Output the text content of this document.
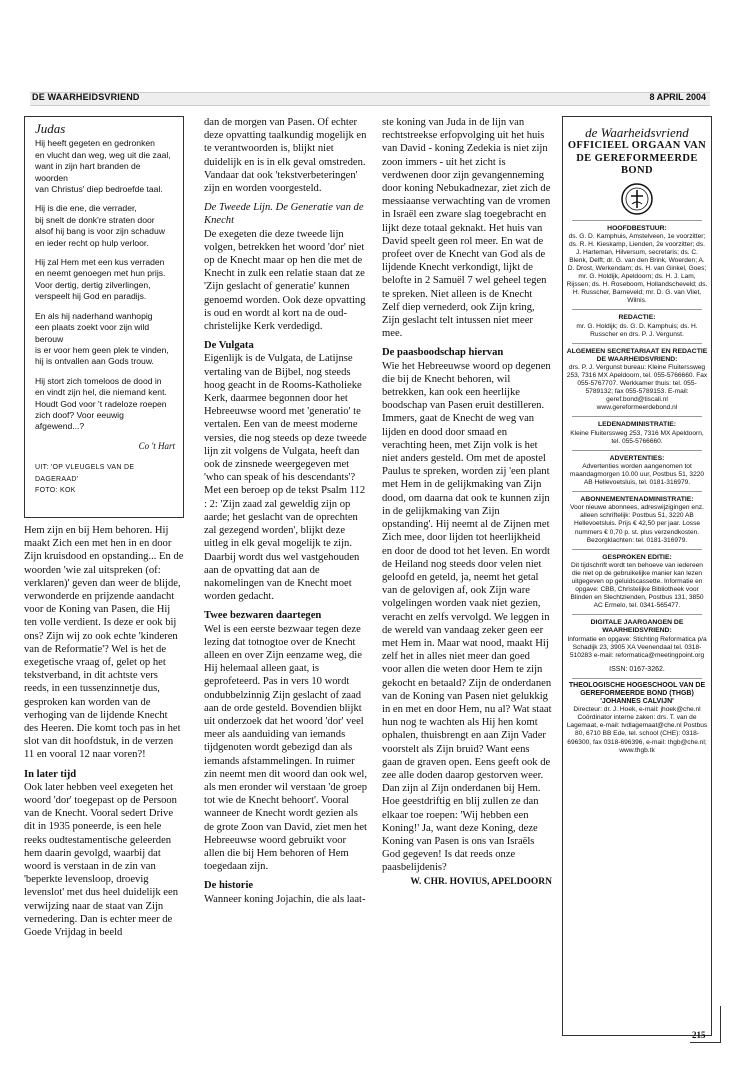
DE WAARHEIDSVRIEND	8 APRIL 2004
Judas
Hij heeft gegeten en gedronken
en vlucht dan weg, weg uit die zaal,
want in zijn hart branden de woorden
van Christus' diep bedroefde taal.
Hij is die ene, die verrader,
bij snelt de donk're straten door
alsof hij bang is voor zijn schaduw
en ieder recht op hulp verloor.
Hij zal Hem met een kus verraden
en neemt genoegen met hun prijs.
Voor dertig, dertig zilverlingen,
verspeelt hij God en paradijs.
En als hij naderhand wanhopig
een plaats zoekt voor zijn wild berouw
is er voor hem geen plek te vinden,
hij is ontvallen aan Gods trouw.
Hij stort zich tomeloos de dood in
en vindt zijn hel, die niemand kent.
Houdt God voor 't radeloze roepen
zich doof? Voor eeuwig afgewend...?
Co 't Hart
UIT: 'OP VLEUGELS VAN DE DAGERAAD'
FOTO: KOK

Hem zijn en bij Hem behoren. Hij maakt Zich een met hen in en door Zijn kruisdood en opstanding... En de woorden 'wie zal uitspreken (of: verklaren)' geven dan weer de blijde, verwonderde en prijzende aandacht voor de Koning van Pasen, die Hij ten volle verdient. Is deze er ook bij ons? Zijn wij zo ook echte 'kinderen van de Reformatie'? Wel is het de exegetische vraag of, gelet op het tekstverband, in dit achtste vers reeds, in een tussenzinnetje dus, gesproken kan worden van de verhoging van de lijdende Knecht des Heeren. Die komt toch pas in het slot van dit hoofdstuk, in de verzen 11 en vooral 12 naar voren?!

In later tijd

Ook later hebben veel exegeten het woord 'dor' toegepast op de Persoon van de Knecht. Vooral sedert Drive dit in 1935 poneerde, is een hele reeks oudtestamentische geleerden hem daarin gevolgd, waarbij dat woord is verstaan in de zin van 'beperkte levensloop, droevig levenslot' met dus heel duidelijk een verwijzing naar de staat van Zijn vernedering. Dan is echter meer de Goede Vrijdag in beeld

dan de morgen van Pasen. Of echter deze opvatting taalkundig mogelijk en te verantwoorden is, blijkt niet duidelijk en is in elk geval omstreden. Vandaar dat ook 'tekstverbeteringen' zijn en worden voorgesteld.

De Tweede Lijn. De Generatie van de Knecht

De exegeten die deze tweede lijn volgen, betrekken het woord 'dor' niet op de Knecht maar op hen die met de Knecht in zulk een relatie staan dat ze 'Zijn geslacht of generatie' kunnen genoemd worden. Ook deze opvatting is oud en wordt al kort na de oud-christelijke Kerk verdedigd.

De Vulgata

Eigenlijk is de Vulgata, de Latijnse vertaling van de Bijbel, nog steeds hoog geacht in de Rooms-Katholieke Kerk, daarmee begonnen door het Hebreeuwse woord met 'generatio' te vertalen. Een van de meest moderne versies, die nog steeds op deze tweede lijn zit volgens de Vulgata, heeft dan ook de zinsnede weergegeven met 'who can speak of his descendants'? Met een beroep op de tekst Psalm 112 : 2: 'Zijn zaad zal geweldig zijn op aarde; het geslacht van de oprechten zal gezegend worden', blijkt deze uitleg in elk geval mogelijk te zijn. Daarbij wordt dus wel vastgehouden aan de opvatting dat aan de nakomelingen van de Knecht moet worden gedacht.

Twee bezwaren daartegen

Wel is een eerste bezwaar tegen deze lezing dat totnogtoe over de Knecht alleen en over Zijn eenzame weg, die Hij helemaal alleen gaat, is geprofeteerd. Pas in vers 10 wordt ondubbelzinnig Zijn geslacht of zaad aan de orde gesteld. Bovendien blijkt uit onderzoek dat het woord 'dor' veel meer als aanduiding van iemands tijdgenoten wordt gebezigd dan als iemands afstammelingen. In ruimer zin neemt men dit woord dan ook wel, als men eronder wil verstaan 'de groep tot wie de Knecht behoort'. Vooral wanneer de Knecht wordt gezien als de grote Zoon van David, ziet men het Hebreeuwse woord gebruikt voor allen die bij Hem behoren of Hem toegedaan zijn.

De historie

Wanneer koning Jojachin, die als laat-

ste koning van Juda in de lijn van rechtstreekse erfopvolging uit het huis van David - koning Zedekia is niet zijn zoon immers - uit het zicht is verdwenen door zijn gevangenneming door koning Nebukadnezar, ziet zich de messiaanse verwachting van de vromen in Israël een zware slag toegebracht en lijkt deze totaal geknakt. Het huis van David speelt geen rol meer. En wat de profeet over de Knecht van God als de lijdende Knecht verkondigt, lijkt de belofte in 2 Samuël 7 wel geheel tegen te spreken. Niet alleen is de Knecht Zelf diep vernederd, ook Zijn kring, Zijn geslacht telt intussen niet meer mee.

De paasboodschap hiervan

Wie het Hebreeuwse woord op degenen die bij de Knecht behoren, wil betrekken, kan ook een heerlijke boodschap van Pasen eruit destilleren. Immers, gaat de Knecht de weg van lijden en dood door smaad en verachting heen, met Zijn volk is het niet anders gesteld. Om met de apostel Paulus te spreken, worden zij 'een plant met Hem in de gelijkmaking van Zijn dood, om daarna dat ook te kunnen zijn in de gelijkmaking van Zijn opstanding'. Hij neemt al de Zijnen met Zich mee, door lijden tot heerlijkheid en door de dood tot het leven. En wordt de Heiland nog steeds door velen niet geloofd en geteld, ja, neemt het getal van de gelovigen af, ook Zijn ware volgelingen worden vaak niet gezien, veracht en zelfs vervolgd. We leggen in de wereld van vandaag zeker geen eer met Hem in. Maar wat nood, maakt Hij zelf het in alles niet meer dan goed voor allen die weten door Hem te zijn gekocht en betaald? Zijn de onderdanen van de Koning van Pasen niet gelukkig in en met en door Hem, nu al? Wat staat hun nog te wachten als Hij hen komt ophalen, thuisbrengt en aan Zijn Vader voorstelt als Zijn bruid? Want eens gaan de graven open. Eens geeft ook de zee alle doden daarop gestorven weer. Dan zijn al Zijn onderdanen bij Hem. Hoe geestdriftig en blij zullen ze dan elkaar toe roepen: 'Wij hebben een Koning!' Ja, want deze Koning, deze Koning van Pasen is ons van Israëls God gegeven! Is dat reeds onze paasbelijdenis?

W. CHR. HOVIUS, APELDOORN
de Waarheidsvriend
OFFICIEEL ORGAAN VAN DE GEREFORMEERDE BOND
HOOFDBESTUUR:
ds. G. D. Kamphuis, Amstelveen, 1e voorzitter; ds. R. H. Kieskamp, Lienden, 2e voorzitter; ds. J. Harteman, Hilversum, secretaris; ds. C. Blenk, Delft; dr. G. van den Brink, Woerden; A. D. Drost, Werkendam; ds. H. van Ginkel, Goes; mr. G. Holdijk, Apeldoorn; ds. H. J. Lam, Rijssen; ds. H. Roseboom, Hollandscheveld; ds. H. Russcher, Barneveld; mr. D. G. van Vliet, Wilnis.
REDACTIE:
mr. G. Holdijk; ds. G. D. Kamphuis; ds. H. Russcher en drs. P. J. Vergunst.
ALGEMEEN SECRETARIAAT EN REDACTIE DE WAARHEIDSVRIEND:
drs. P. J. Vergunst bureau: Kleine Fluiterssweg 253, 7316 MX Apeldoorn, tel. 055-5766660. Fax 055-5767707. Werkkamer thuis: tel. 055-5789132; fax 055-5789153. E-mail: geref.bond@tiscali.nl www.gereformeerdebond.nl
LEDENADMINISTRATIE:
Kleine Fluiterssweg 253, 7316 MX Apeldoorn, tel. 055-5766660.
ADVERTENTIES:
Advertenties worden aangenomen tot maandagmorgen 10.00 uur, Postbus 51, 3220 AB Hellevoetsluis, tel. 0181-316979.
ABONNEMENTENADMINISTRATIE:
Voor nieuwe abonnees, adreswijzigingen enz. alleen schriftelijk: Postbus 51, 3220 AB Hellevoetsluis. Prijs € 42,50 per jaar. Losse nummers € 0,70 p. st. plus verzendkosten. Bezorgklachten: tel. 0181-316979.
GESPROKEN EDITIE:
Dit tijdschrift wordt ten behoeve van iedereen die niet op de gebruikelijke manier kan lezen uitgegeven op geluidscassette. Informatie en opgave: CBB, Christelijke Bibliotheek voor Blinden en Slechtzienden, Postbus 131, 3850 AC Ermelo, tel. 0341-565477.
DIGITALE JAARGANGEN DE WAARHEIDSVRIEND:
Informatie en opgave: Stichting Reformatica p/a Schadijk 23, 3905 XA Veenendaal tel. 0318-510283 e-mail: reformatica@meetingpoint.org
ISSN: 0167-3262.
THEOLOGISCHE HOGESCHOOL VAN DE GEREFORMEERDE BOND (THGB) 'JOHANNES CALVIJN'
Directeur: dr. J. Hoek, e-mail: jhoek@che.nl Coördinator interne zaken: drs. T. van de Lagemaat, e-mail: tvdlagemaat@che.nl Postbus 80, 6710 BB Ede, tel. school (CHE): 0318-696300, fax 0318-696396, e-mail: thgb@che.nl; www.thgb.tk
215
